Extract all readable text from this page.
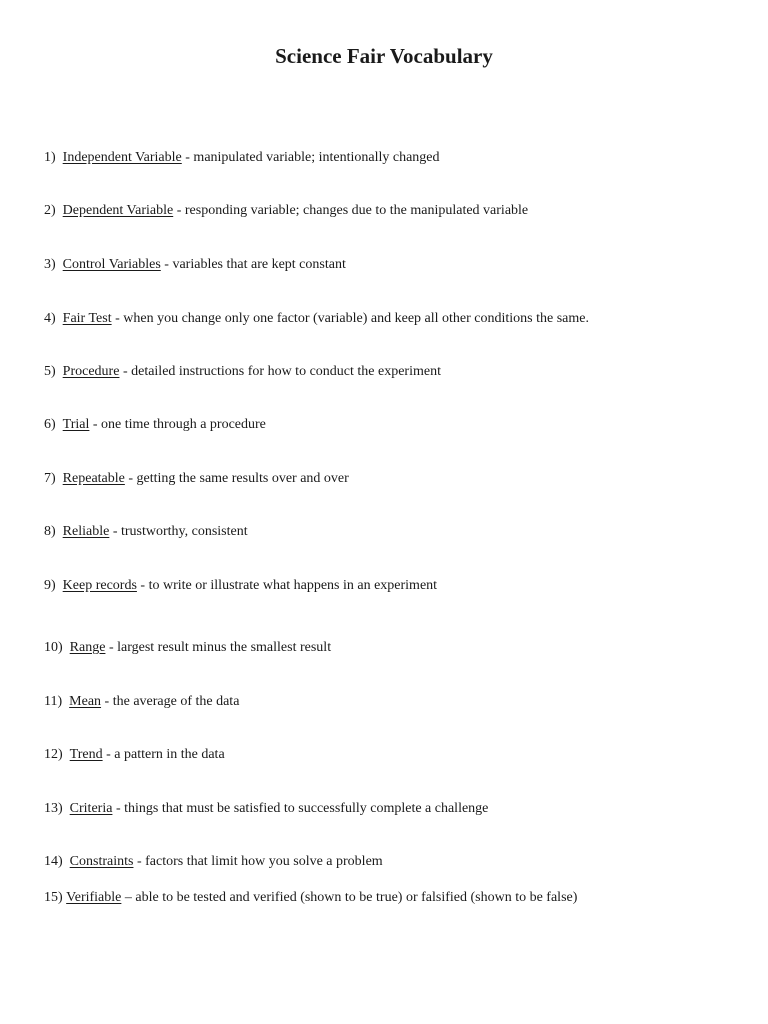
Science Fair Vocabulary
1) Independent Variable - manipulated variable; intentionally changed
2) Dependent Variable - responding variable; changes due to the manipulated variable
3) Control Variables - variables that are kept constant
4) Fair Test - when you change only one factor (variable) and keep all other conditions the same.
5) Procedure - detailed instructions for how to conduct the experiment
6) Trial - one time through a procedure
7) Repeatable - getting the same results over and over
8) Reliable - trustworthy, consistent
9) Keep records - to write or illustrate what happens in an experiment
10) Range - largest result minus the smallest result
11) Mean - the average of the data
12) Trend - a pattern in the data
13) Criteria - things that must be satisfied to successfully complete a challenge
14) Constraints - factors that limit how you solve a problem
15) Verifiable – able to be tested and verified (shown to be true) or falsified (shown to be false)
